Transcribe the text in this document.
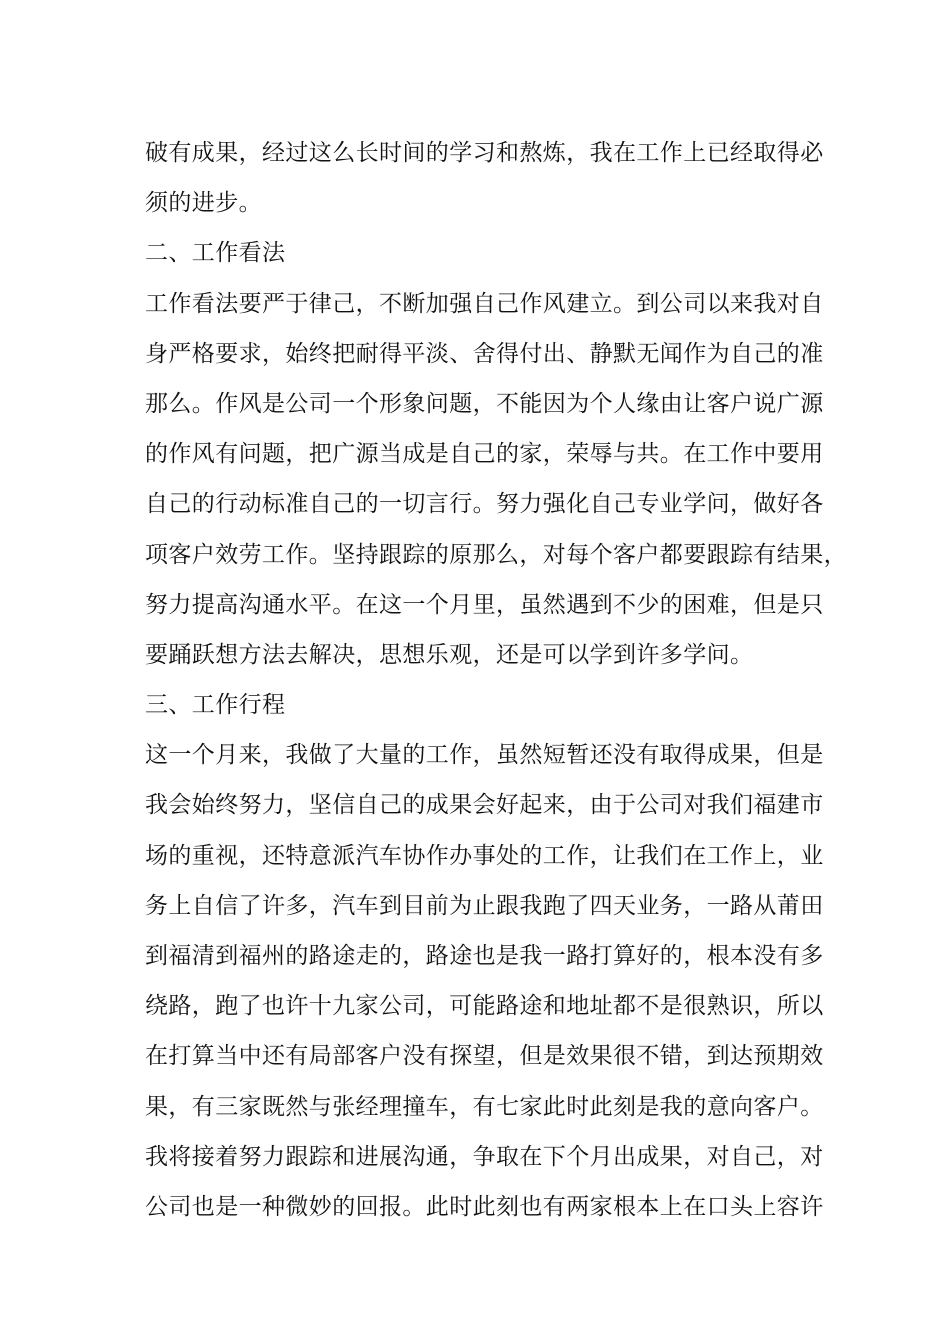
破有成果，经过这么长时间的学习和熬炼，我在工作上已经取得必
须的进步。
二、工作看法
工作看法要严于律己，不断加强自己作风建立。到公司以来我对自
身严格要求，始终把耐得平淡、舍得付出、静默无闻作为自己的准
那么。作风是公司一个形象问题，不能因为个人缘由让客户说广源
的作风有问题，把广源当成是自己的家，荣辱与共。在工作中要用
自己的行动标准自己的一切言行。努力强化自己专业学问，做好各
项客户效劳工作。坚持跟踪的原那么，对每个客户都要跟踪有结果，
努力提高沟通水平。在这一个月里，虽然遇到不少的困难，但是只
要踊跃想方法去解决，思想乐观，还是可以学到许多学问。
三、工作行程
这一个月来，我做了大量的工作，虽然短暂还没有取得成果，但是
我会始终努力，坚信自己的成果会好起来，由于公司对我们福建市
场的重视，还特意派汽车协作办事处的工作，让我们在工作上，业
务上自信了许多，汽车到目前为止跟我跑了四天业务，一路从莆田
到福清到福州的路途走的，路途也是我一路打算好的，根本没有多
绕路，跑了也许十九家公司，可能路途和地址都不是很熟识，所以
在打算当中还有局部客户没有探望，但是效果很不错，到达预期效
果，有三家既然与张经理撞车，有七家此时此刻是我的意向客户。
我将接着努力跟踪和进展沟通，争取在下个月出成果，对自己，对
公司也是一种微妙的回报。此时此刻也有两家根本上在口头上容许
